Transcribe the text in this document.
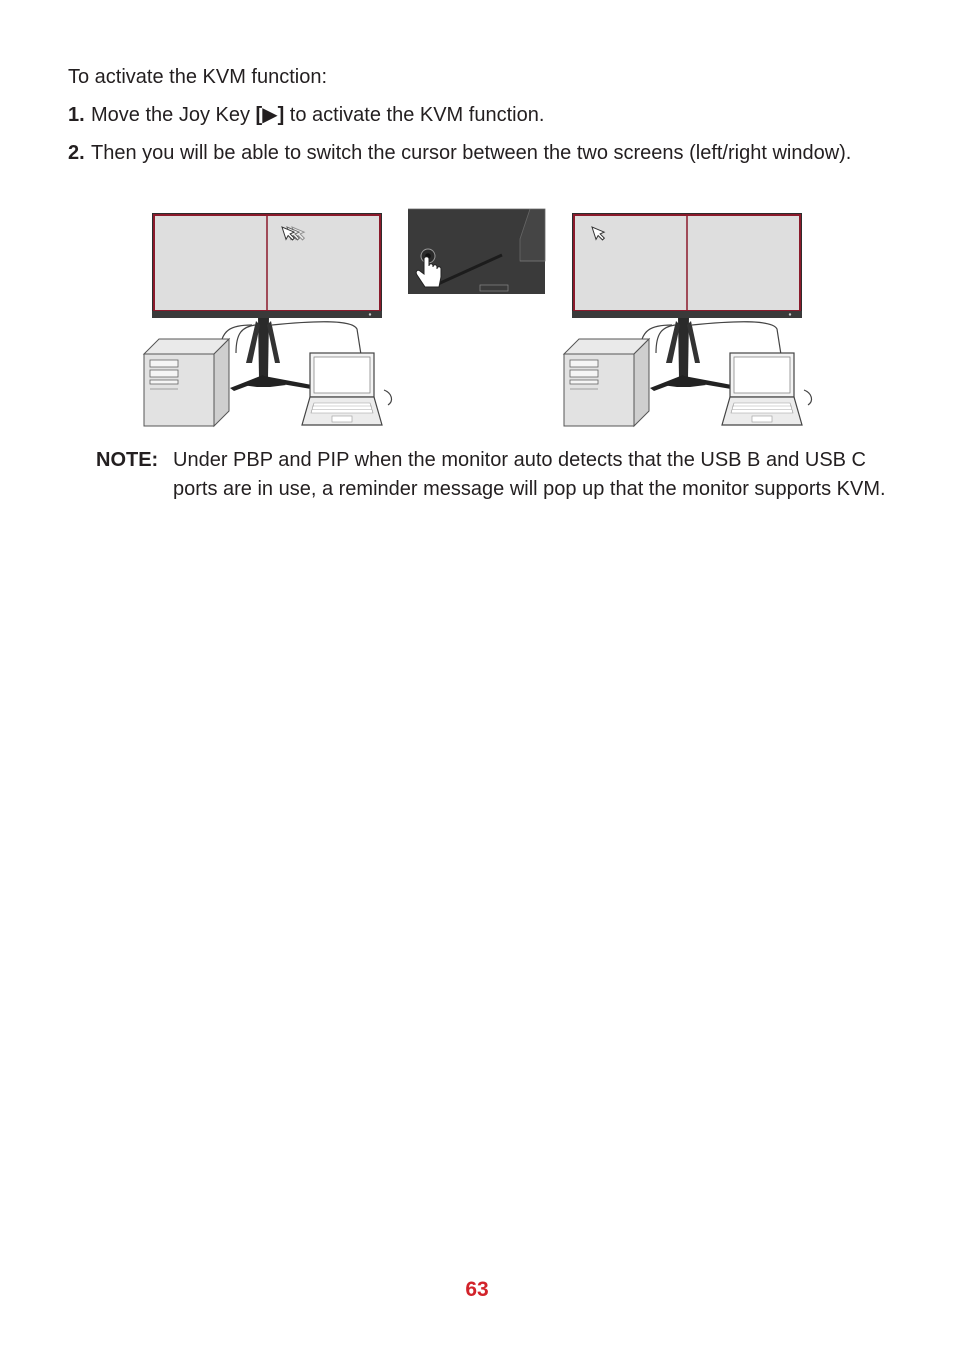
To activate the KVM function:

1. Move the Joy Key [▶] to activate the KVM function.
2. Then you will be able to switch the cursor between the two screens (left/right window).
NOTE: Under PBP and PIP when the monitor auto detects that the USB B and USB C ports are in use, a reminder message will pop up that the monitor supports KVM.
63
